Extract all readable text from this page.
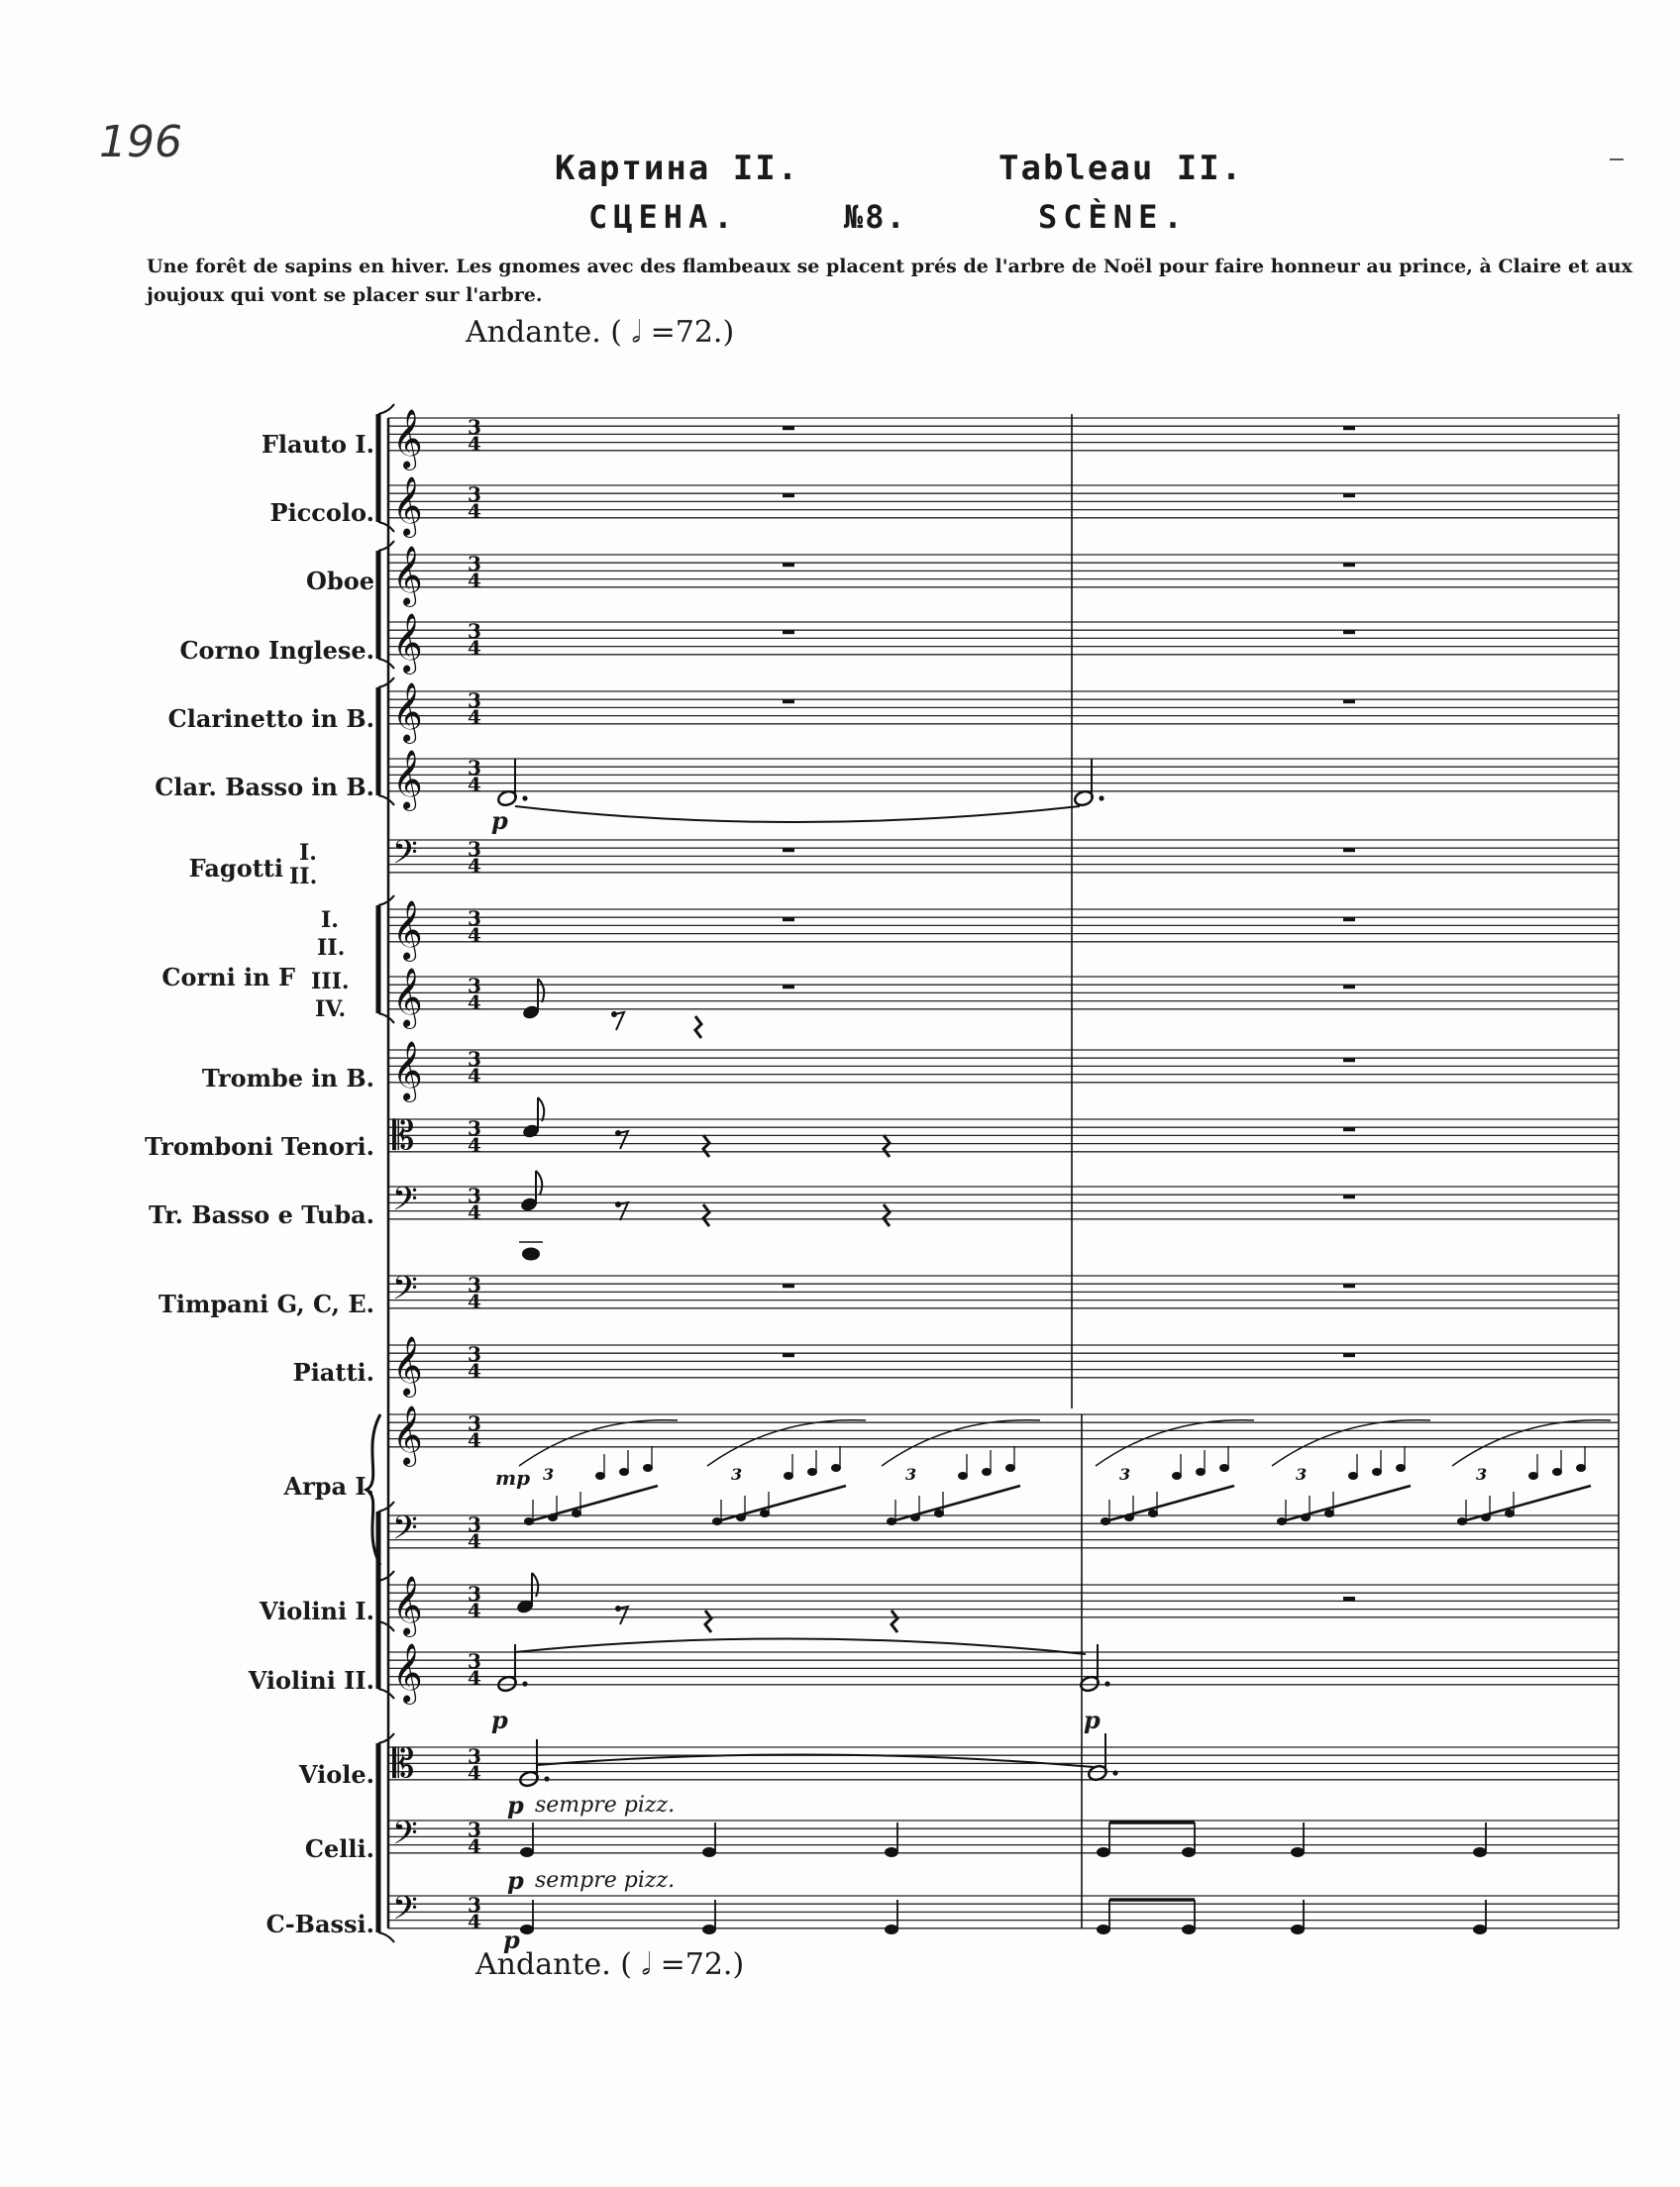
196
Картина II.	Tableau II.
СЦЕНА.	№8.	SCÈNE.
Une forêt de sapins en hiver. Les gnomes avec des flambeaux se placent prés de l'arbre de Noël pour faire honneur au prince, à Claire et aux joujoux qui vont se placer sur l'arbre.
Andante. ( 𝅗𝅥 =72.)
Andante. ( 𝅗𝅥 =72.)
Flauto I.
Piccolo.
Oboe
Corno Inglese.
Clarinetto in B.
Clar. Basso in B.
Fagotti
I.
II.
Corni in F
I.
II.
III.
IV.
Trombe in B.
Tromboni Tenori.
Tr. Basso e Tuba.
Timpani G, C, E.
Piatti.
Arpa I.
Violini I.
Violini II.
Viole.
Celli.
C-Bassi.
p
mp
p	p
p sempre pizz.
p sempre pizz.
p
𝄞 3
4
𝄞 3
4
𝄞 3
4
𝄞 3
4
𝄞 3
4
𝄞 3
4
𝄢	3
4
𝄞 3
4
𝄞 3
4
𝄞 3
4
𝄡	3
4
𝄢	3
4
𝄢	3
4
𝄞 3
4
𝄞 3
4
𝄢	3
4
𝄞 3
4
𝄞 3
4
𝄡	3
4
𝄢	3
4
𝄢	3
4
3	3	3	3	3	3
